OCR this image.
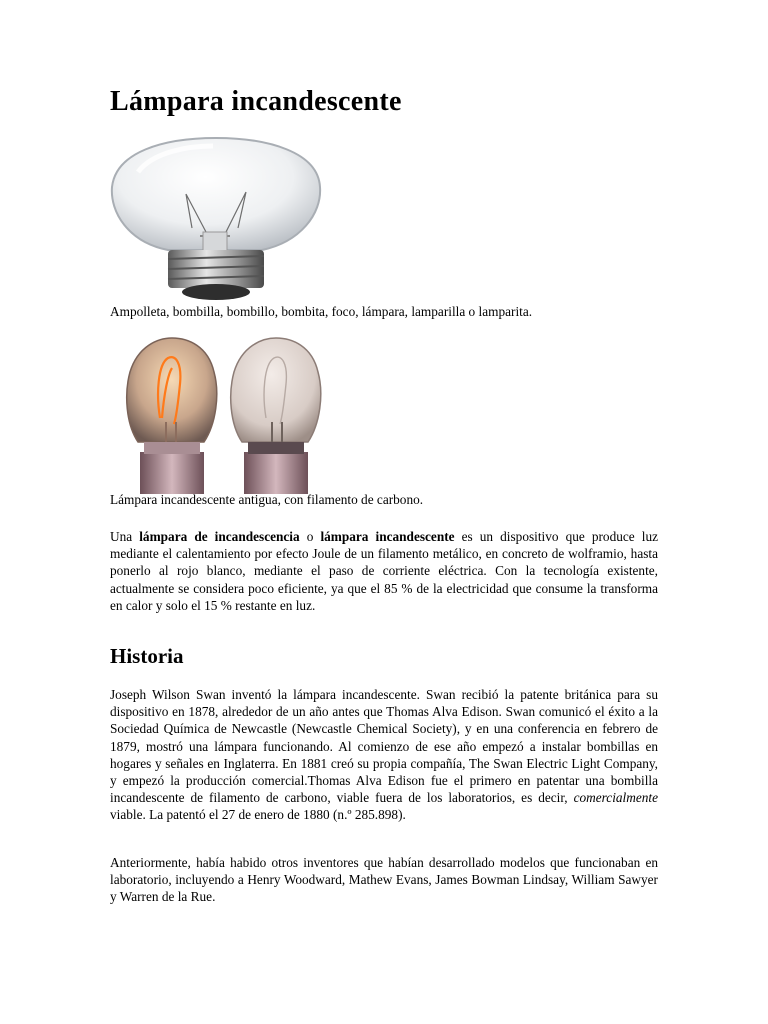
Lámpara incandescente

Ampolleta, bombilla, bombillo, bombita, foco, lámpara, lamparilla o lamparita.

Lámpara incandescente antigua, con filamento de carbono.

Una lámpara de incandescencia o lámpara incandescente es un dispositivo que produce luz mediante el calentamiento por efecto Joule de un filamento metálico, en concreto de wolframio, hasta ponerlo al rojo blanco, mediante el paso de corriente eléctrica. Con la tecnología existente, actualmente se considera poco eficiente, ya que el 85 % de la electricidad que consume la transforma en calor y solo el 15 % restante en luz.

Historia

Joseph Wilson Swan inventó la lámpara incandescente. Swan recibió la patente británica para su dispositivo en 1878, alrededor de un año antes que Thomas Alva Edison. Swan comunicó el éxito a la Sociedad Química de Newcastle (Newcastle Chemical Society), y en una conferencia en febrero de 1879, mostró una lámpara funcionando. Al comienzo de ese año empezó a instalar bombillas en hogares y señales en Inglaterra. En 1881 creó su propia compañía, The Swan Electric Light Company, y empezó la producción comercial.Thomas Alva Edison fue el primero en patentar una bombilla incandescente de filamento de carbono, viable fuera de los laboratorios, es decir, comercialmente viable. La patentó el 27 de enero de 1880 (n.º 285.898).

Anteriormente, había habido otros inventores que habían desarrollado modelos que funcionaban en laboratorio, incluyendo a Henry Woodward, Mathew Evans, James Bowman Lindsay, William Sawyer y Warren de la Rue.
